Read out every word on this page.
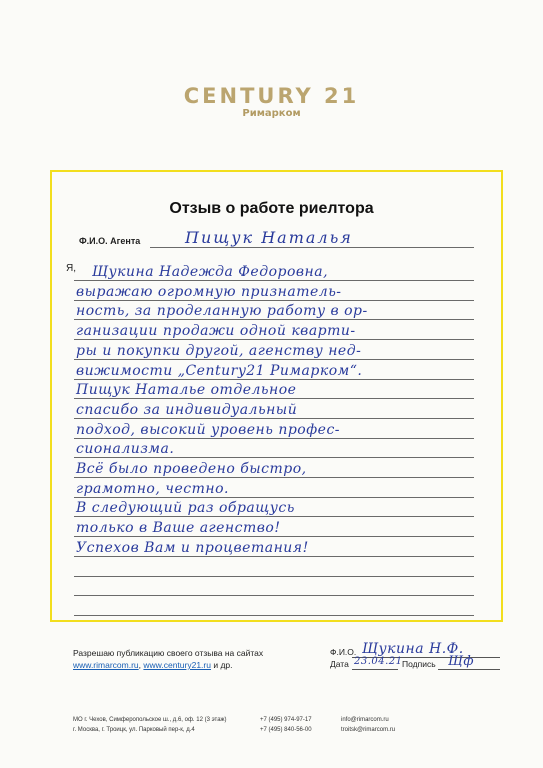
CENTURY 21
Римарком
Отзыв о работе риелтора
Ф.И.О. Агента	Пищук Наталья
Я, Щукина Надежда Федоровна,
выражаю огромную признатель-
ность, за проделанную работу в ор-
ганизации продажи одной кварти-
ры и покупки другой, агенству нед-
вижимости „Century21 Римарком“.
Пищук Наталье отдельное
спасибо за индивидуальный
подход, высокий уровень профес-
сионализма.
Всё было проведено быстро,
грамотно, честно.
В следующий раз обращусь
только в Ваше агенство!
Успехов Вам и процветания!
Разрешаю публикацию своего отзыва на сайтах
www.rimarcom.ru, www.century21.ru и др.
Ф.И.О. Щукина Н.Ф.
Дата 23.04.21 Подпись Щф
МО г. Чехов, Симферопольское ш., д.6, оф. 12 (3 этаж)
г. Москва, г. Троицк, ул. Парковый пер-к, д.4
+7 (495) 974-97-17
+7 (495) 840-56-00
info@rimarcom.ru
troitsk@rimarcom.ru
